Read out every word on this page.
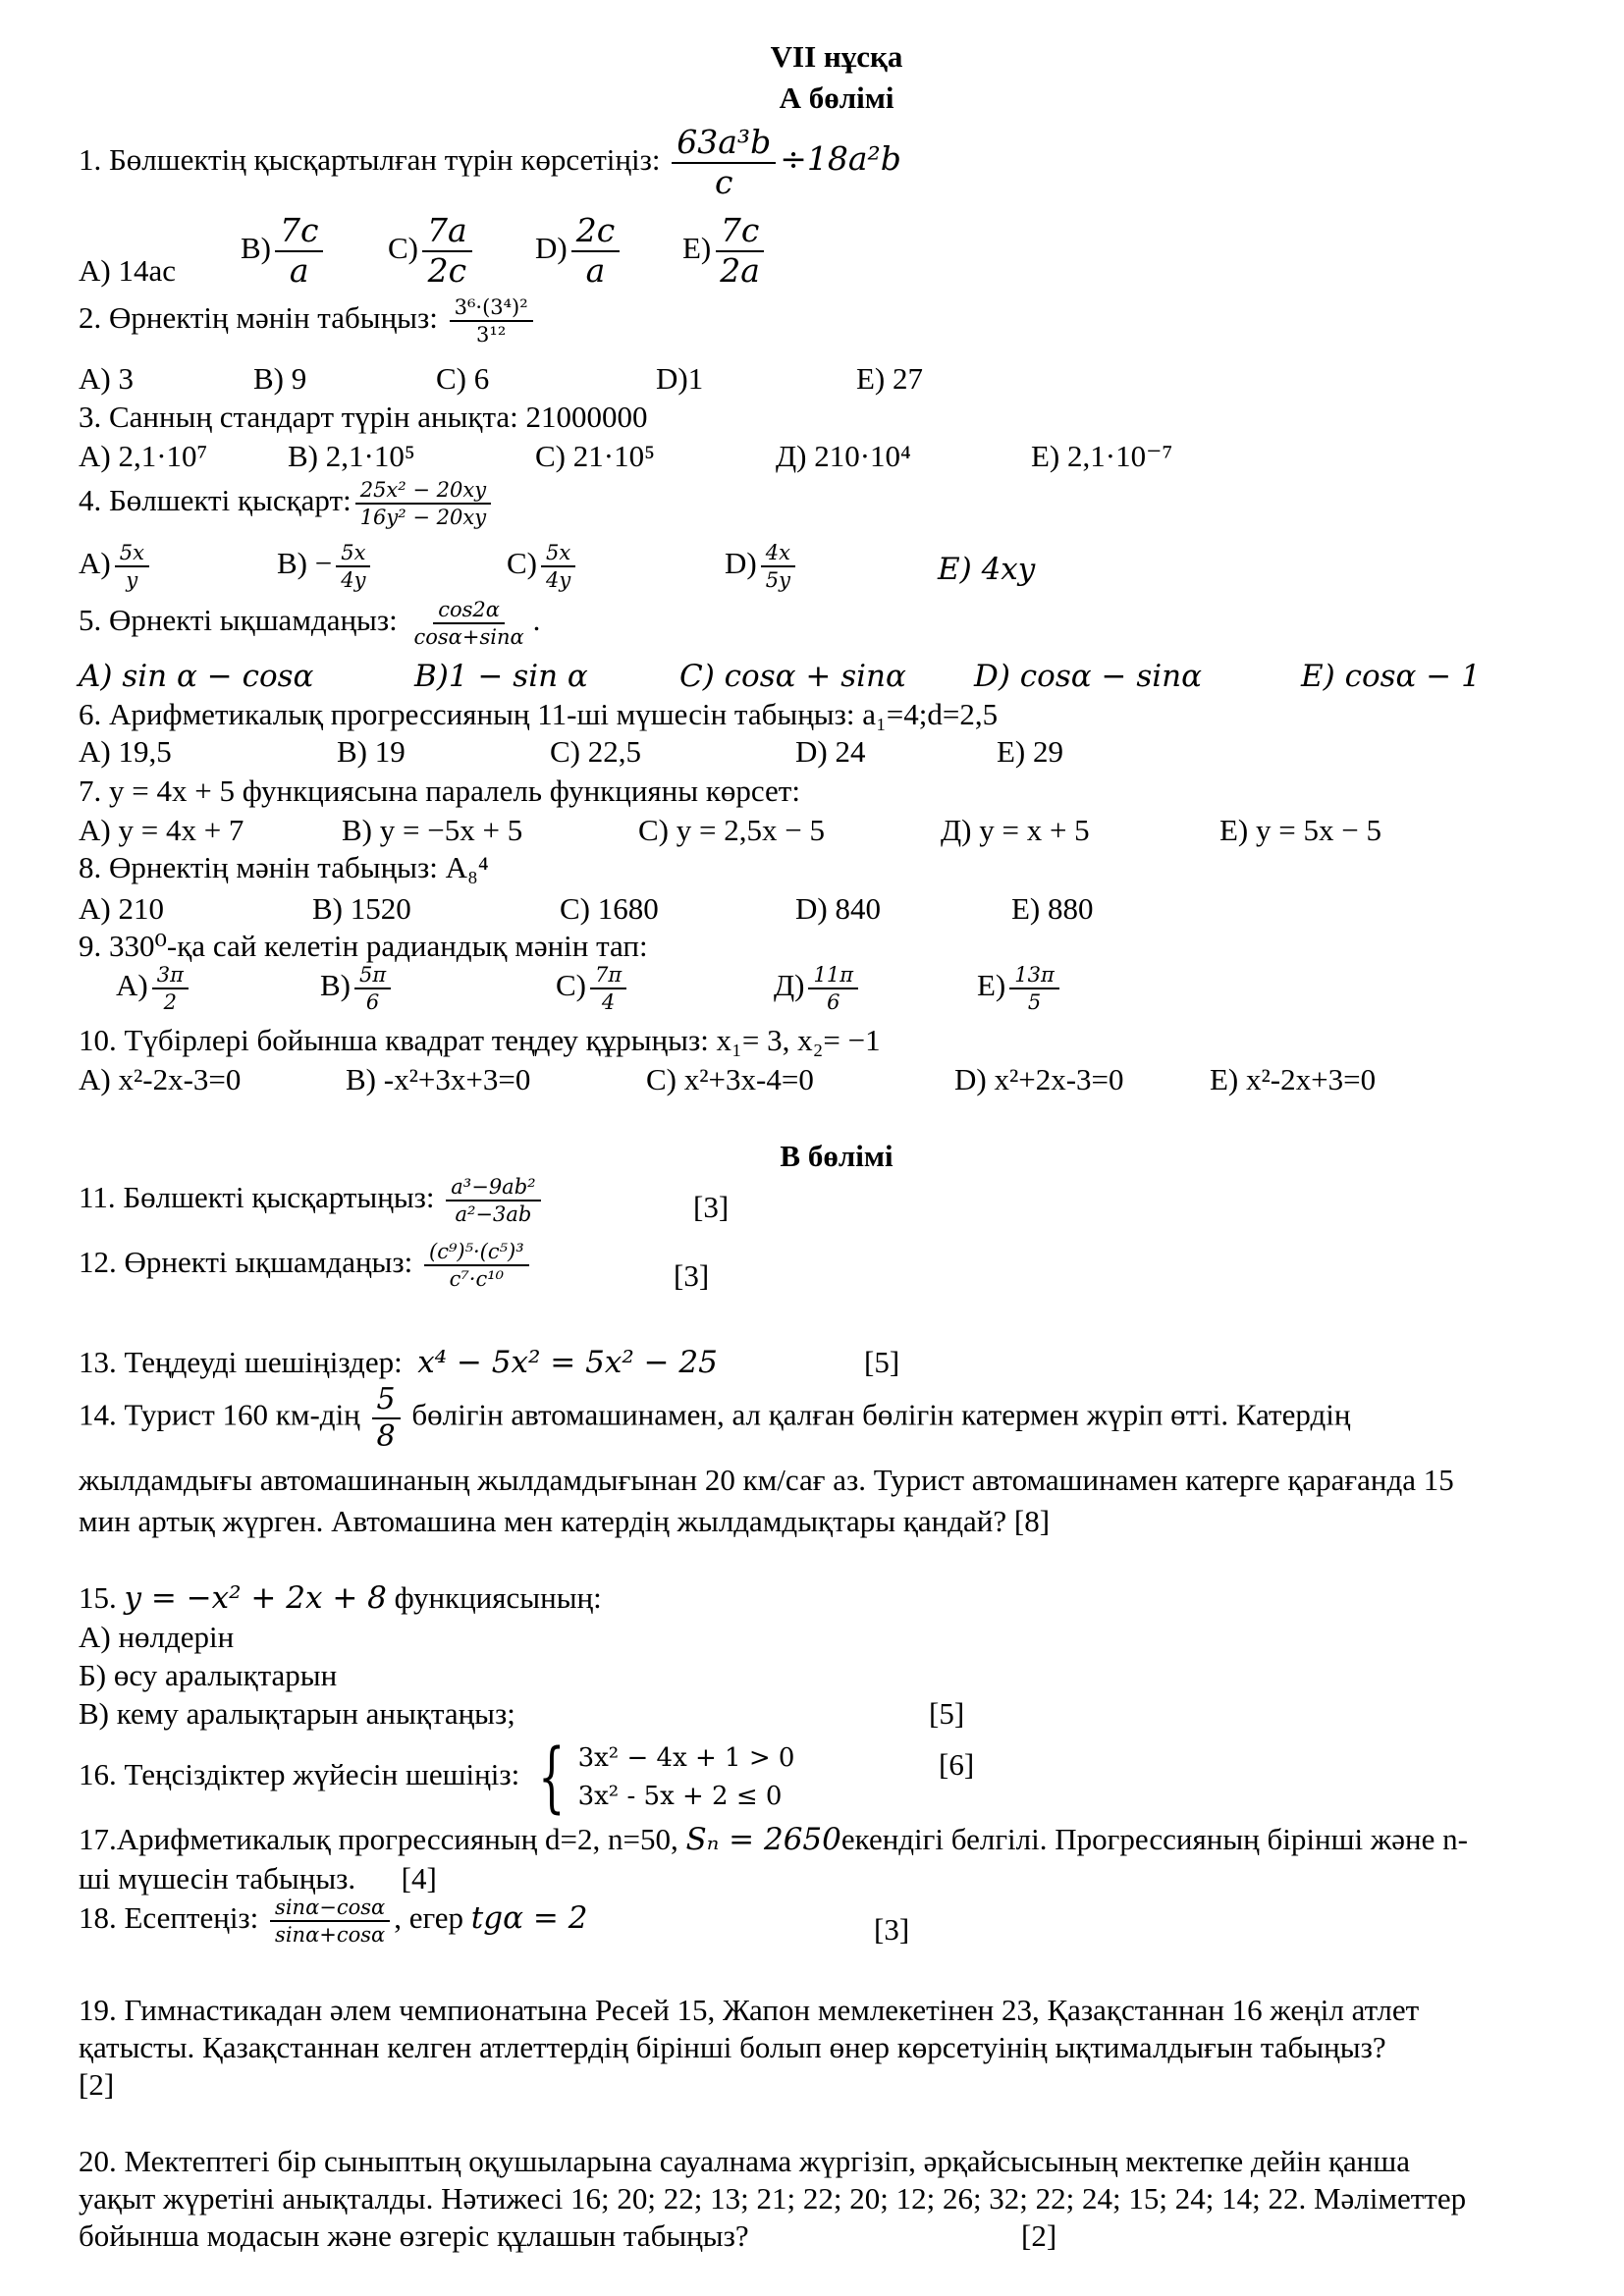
VII нұсқа
А бөлімі
1. Бөлшектің қысқартылған түрін көрсетіңіз: $\frac{\text{63a³b}}{c} \div 18a^2b$
A) 14ac
$B) \frac{7c}{a} C) \frac{7a}{2c} D) \frac{2c}{a} E) \frac{7c}{2a}$
2. Өрнектің мәнін табыңыз: $\frac{\text{3⁶·(3⁴)²}}{\text{3¹²}}$
A) 3	B) 9	C) 6	D)1	E) 27
3. Санның стандарт түрін анықта: 21000000
A) 2,1·10⁷	B) 2,1·10⁵	C) 21·10⁵	Д) 210·10⁴	E) 2,1·10⁻⁷
4. Бөлшекті қысқарт: $\frac{\text{25x² − 20xy}}{\text{16y² − 20xy}}$
$A) \frac{5x}{y}$	$B) - \frac{5x}{4y}$	$C) \frac{5x}{4y}$	$D) \frac{4x}{5y}$	E) 4xy
5. Өрнекті ықшамдаңыз: $\frac{\cos 2\alpha}{\cos\alpha+\sin\alpha}$ .
A) sin α − cosα	B)1 − sin α	C) cosα + sinα D) cosα − sinα	E) cosα − 1
6. Арифметикалық прогрессияның 11-ші мүшесін табыңыз: a₁=4;d=2,5
A) 19,5	B) 19	C) 22,5	D) 24	E) 29
7. y = 4x + 5 функциясына паралель функцияны көрсет:
A) y = 4x + 7	B) y = −5x + 5	C) y = 2,5x − 5	Д) y = x + 5	E) y = 5x − 5
8. Өрнектің мәнін табыңыз: A₈⁴
A) 210	B) 1520	C) 1680	D) 840	E) 880
9. 330⁰-қа сай келетін радиандық мәнін тап:
$A) \frac{3\pi}{2}$	$B) \frac{5\pi}{6}$	$C) \frac{7\pi}{4}$	$Д) \frac{11\pi}{6}$	$E) \frac{13\pi}{5}$
10. Түбірлері бойынша квадрат теңдеу құрыңыз: x₁= 3, x₂= −1
A) x²-2x-3=0	B) -x²+3x+3=0	C) x²+3x-4=0	D) x²+2x-3=0	E) x²-2x+3=0
В бөлімі
11. Бөлшекті қысқартыңыз: $\frac{\text{a³−9ab²}}{\text{a²−3ab}}$	[3]
12. Өрнекті ықшамдаңыз: $\frac{\text{(c⁹)⁵·(c⁵)³}}{\text{c⁷·c¹⁰}}$	[3]
13. Теңдеуді шешіңіздер: x⁴ − 5x² = 5x² − 25	[5]
14. Турист 160 $км-дің \frac{5}{8}$ бөлігін автомашинамен, ал қалған бөлігін катермен жүріп өтті. Катердің
жылдамдығы автомашинаның жылдамдығынан 20 км/сағ аз. Турист автомашинамен катерге қарағанда 15
мин артық жүрген. Автомашина мен катердің жылдамдықтары қандай? [8]
15. y = −x² + 2x + 8 функциясының:
А) нөлдерін
Б) өсу аралықтарын
В) кему аралықтарын анықтаңыз;	[5]
16. Теңсіздіктер жүйесін шешіңіз: { 3x² − 4x + 1 > 0
3x² - 5x + 2 ≤ 0
[6]
17.Арифметикалық прогрессияның d=2, n=50, Sₙ = 2650екендігі белгілі. Прогрессияның бірінші және n-
ші мүшесін табыңыз. [4]
18. Есептеңіз: $\frac{\sin\alpha-\cos\alpha}{\sin\alpha+\cos\alpha}$ , егер tgα = 2	[3]
19. Гимнастикадан әлем чемпионатына Ресей 15, Жапон мемлекетінен 23, Қазақстаннан 16 жеңіл атлет
қатысты. Қазақстаннан келген атлеттердің бірінші болып өнер көрсетуінің ықтималдығын табыңыз?
[2]
20. Мектептегі бір сыныптың оқушыларына сауалнама жүргізіп, әрқайсысының мектепке дейін қанша
уақыт жүретіні анықталды. Нәтижесі 16; 20; 22; 13; 21; 22; 20; 12; 26; 32; 22; 24; 15; 24; 14; 22. Мәліметтер
бойынша модасын және өзгеріс құлашын табыңыз?	[2]
